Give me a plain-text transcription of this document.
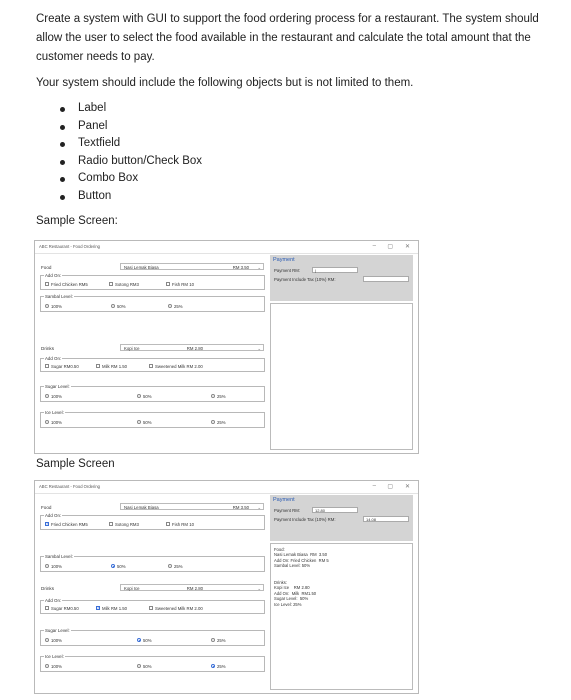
Create a system with GUI to support the food ordering process for a restaurant. The system should allow the user to select the food available in the restaurant and calculate the total amount that the customer needs to pay.
Your system should include the following objects but is not limited to them.
Label
Panel
Textfield
Radio button/Check Box
Combo Box
Button
Sample Screen:
ABC Restaurant - Food Ordering	– ▢ ✕
Food	Nasi Lemak Biasa	RM 3.50 ⌄
Add On:
Fried Chicken RM5	Sotong RM3	Fish RM 10
Sambal Level:
100%	50%	25%
Drinks	Kopi Ice	RM 2.80	⌄
Add On:
Sugar RM0.50	Milk RM 1.50	Sweetened Milk RM 2.00
Sugar Level:
100%	50%	25%
Ice Level:
100%	50%	25%
Payment
Payment RM:	|
Payment Include Tax (10%) RM:
Sample Screen
ABC Restaurant - Food Ordering	– ▢ ✕
Food	Nasi Lemak Biasa	RM 3.50 ⌄
Add On:
✓Fried Chicken RM5	Sotong RM3	Fish RM 10
Sambal Level:
100%	50%	25%
Drinks	Kopi Ice	RM 2.80	⌄
Add On:
Sugar RM0.50
✓	Milk RM 1.50	Sweetened Milk RM 2.00
Sugar Level:
100%	50%	25%
Ice Level:
100%	50%	25%
Payment
Payment RM:	12.80
Payment Include Tax (10%) RM:	14.08
Food:
Nasi Lemak Biasa  RM  3.50
Add On: Fried Chicken  RM 5
Sambal Level: 50%
Drinks:
Kopi Ice    RM 2.80
Add On:  Milk  RM1.50
Sugar Level:  50%
Ice Level: 25%
